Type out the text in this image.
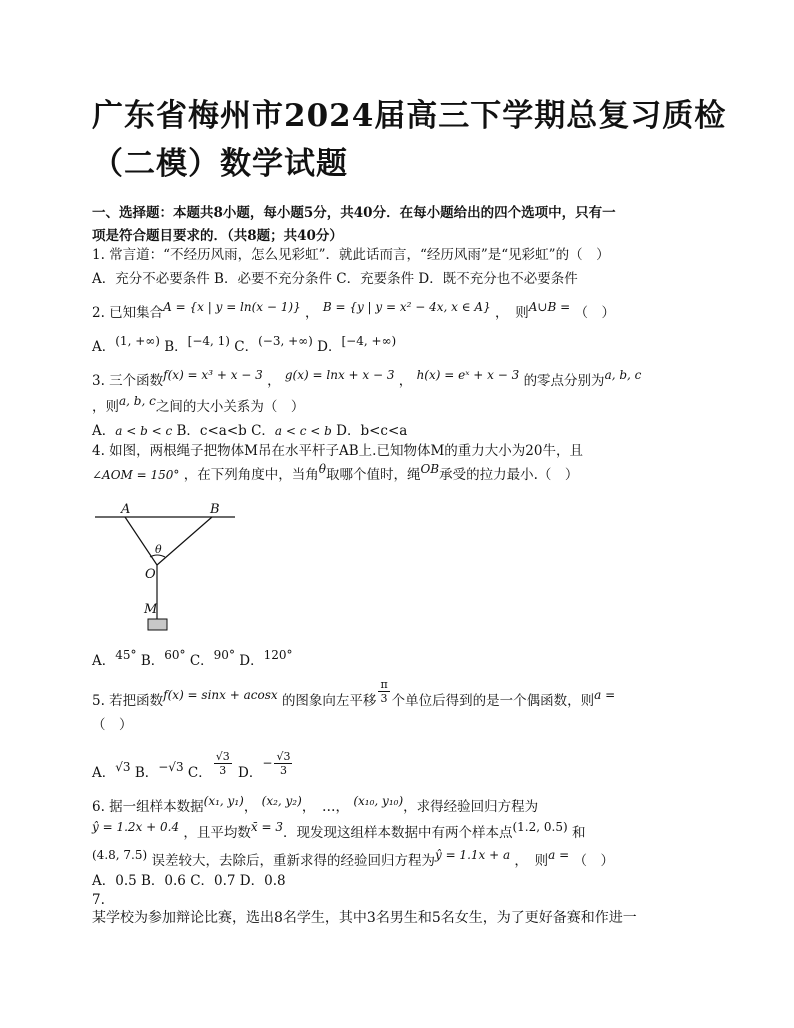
广东省梅州市2024届高三下学期总复习质检
（二模）数学试题
一、选择题：本题共8小题，每小题5分，共40分．在每小题给出的四个选项中，只有一
项是符合题目要求的．（共8题；共40分）
1. 常言道：“不经历风雨，怎么见彩虹”．就此话而言，“经历风雨”是“见彩虹”的（　）
A．充分不必要条件 B．必要不充分条件 C．充要条件 D．既不充分也不必要条件
2. 已知集合A = {x | y = ln(x − 1)} ， B = {y | y = x² − 4x, x ∈ A} ，　则A∪B = （　）
A．(1, +∞) B．[−4, 1) C．(−3, +∞) D．[−4, +∞)
3. 三个函数f(x) = x³ + x − 3 ， g(x) = lnx + x − 3 ， h(x) = eˣ + x − 3 的零点分别为a, b, c
，则a, b, c之间的大小关系为（　）
A．a < b < c B．c<a<b C．a < c < b D．b<c<a
4. 如图，两根绳子把物体M吊在水平杆子AB上.已知物体M的重力大小为20牛，且
∠AOM = 150° ，在下列角度中，当角θ取哪个值时，绳OB承受的拉力最小.（　）
A	B
θ
O
M
A．45° B．60° C．90° D．120°
5. 若把函数f(x) = sinx + acosx 的图象向左平移 $\frac{\pi}{3}$ 个单位后得到的是一个偶函数，则a =
（　）
A．√3 B．−√3 C． $\frac{√3}{3}$ D．− $\frac{√3}{3}$
6. 据一组样本数据(x₁, y₁)， (x₂, y₂)，　…， (x₁₀, y₁₀)，求得经验回归方程为
ŷ = 1.2x + 0.4 ，且平均数x̄ = 3．现发现这组样本数据中有两个样本点(1.2, 0.5) 和
(4.8, 7.5) 误差较大，去除后，重新求得的经验回归方程为ŷ = 1.1x + a ，　则a = （　）
A．0.5 B．0.6 C．0.7 D．0.8
7.
某学校为参加辩论比赛，选出8名学生，其中3名男生和5名女生，为了更好备赛和作进一
